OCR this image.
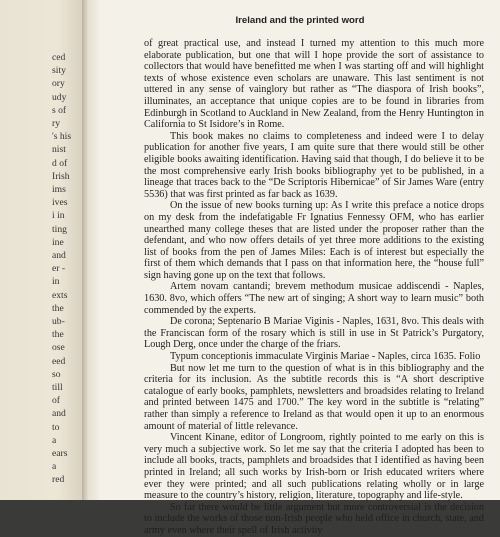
ced
sity
ory
udy
s of
ry
's his
nist
d of
Irish
ims
ives
i in
ting
ine
and
er -
in
exts
the
ub-
the
ose
eed
so
till
of
and
to
a
ears
a
red
Ireland and the printed word

of great practical use, and instead I turned my attention to this much more elaborate publication, but one that will I hope provide the sort of assistance to collectors that would have benefitted me when I was starting off and will highlight texts of whose existence even scholars are unaware. This last sentiment is not uttered in any sense of vainglory but rather as “The diaspora of Irish books”, illuminates, an acceptance that unique copies are to be found in libraries from Edinburgh in Scotland to Auckland in New Zealand, from the Henry Huntington in California to St Isidore’s in Rome.

This book makes no claims to completeness and indeed were I to delay publication for another five years, I am quite sure that there would still be other eligible books awaiting identification. Having said that though, I do believe it to be the most comprehensive early Irish books bibliography yet to be published, in a lineage that traces back to the “De Scriptoris Hibernicae” of Sir James Ware (entry 5536) that was first printed as far back as 1639.

On the issue of new books turning up: As I write this preface a notice drops on my desk from the indefatigable Fr Ignatius Fennessy OFM, who has earlier unearthed many college theses that are listed under the proposer rather than the defendant, and who now offers details of yet three more additions to the existing list of books from the pen of James Miles: Each is of interest but especially the first of them which demands that I pass on that information here, the “house full” sign having gone up on the text that follows.

Artem novam cantandi; brevem methodum musicae addiscendi - Naples, 1630. 8vo, which offers “The new art of singing; A short way to learn music” both commended by the experts.

De corona; Septenario B Mariae Viginis - Naples, 1631, 8vo. This deals with the Franciscan form of the rosary which is still in use in St Patrick’s Purgatory, Lough Derg, once under the charge of the friars.

Typum conceptionis immaculate Virginis Mariae - Naples, circa 1635. Folio

But now let me turn to the question of what is in this bibliography and the criteria for its inclusion. As the subtitle records this is “A short descriptive catalogue of early books, pamphlets, newsletters and broadsides relating to Ireland and printed between 1475 and 1700.” The key word in the subtitle is “relating” rather than simply a reference to Ireland as that would open it up to an enormous amount of material of little relevance.

Vincent Kinane, editor of Longroom, rightly pointed to me early on this is very much a subjective work. So let me say that the criteria I adopted has been to include all books, tracts, pamphlets and broadsides that I identified as having been printed in Ireland; all such works by Irish-born or Irish educated writers where ever they were printed; and all such publications relating wholly or in large measure to the country’s history, religion, literature, topography and life-style.

So far there would be little argument but more controversial is the decision to include the works of those non-Irish people who held office in church, state, and army even where their spell of Irish activity
